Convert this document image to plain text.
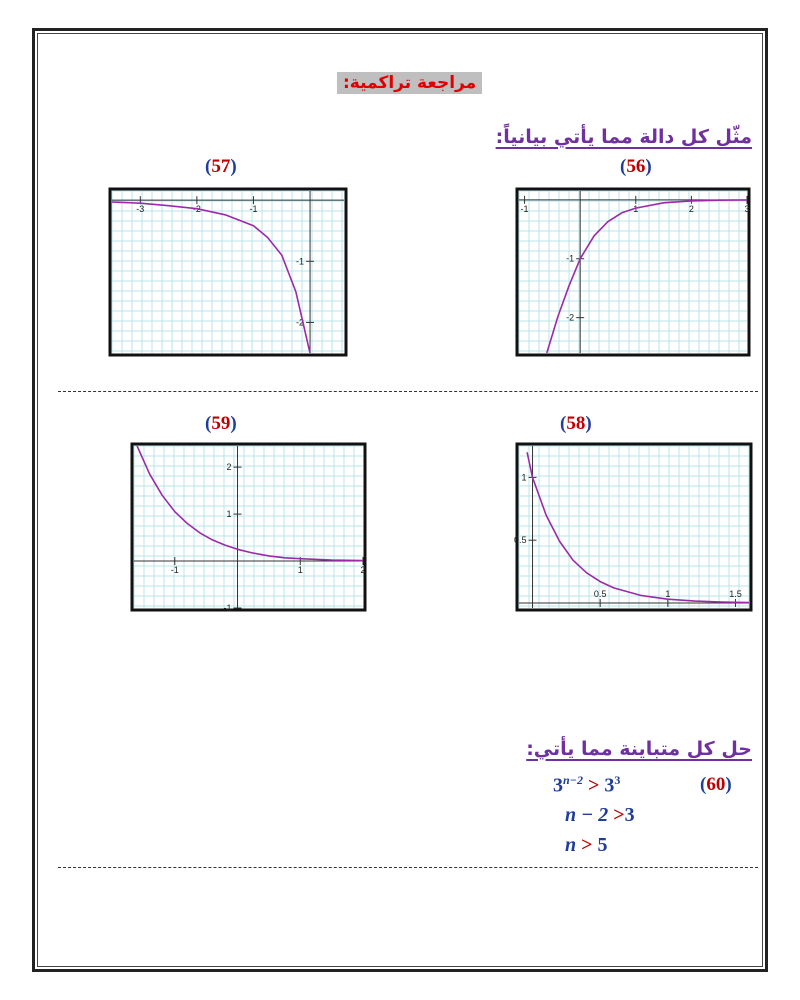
مراجعة تراكمية:
مثّل كل دالة مما يأتي بيانياً:
(57)	(56)
-3	-2	-1
-1
-2
-1	1	2	3
-1
-2
(59)	(58)
-1	1	2
1
2
-1
0.5	1	1.5
0.5
1
حل كل متباينة مما يأتي:
(60)
$3^{n-2} > 3^3$
n − 2 >3
n > 5
